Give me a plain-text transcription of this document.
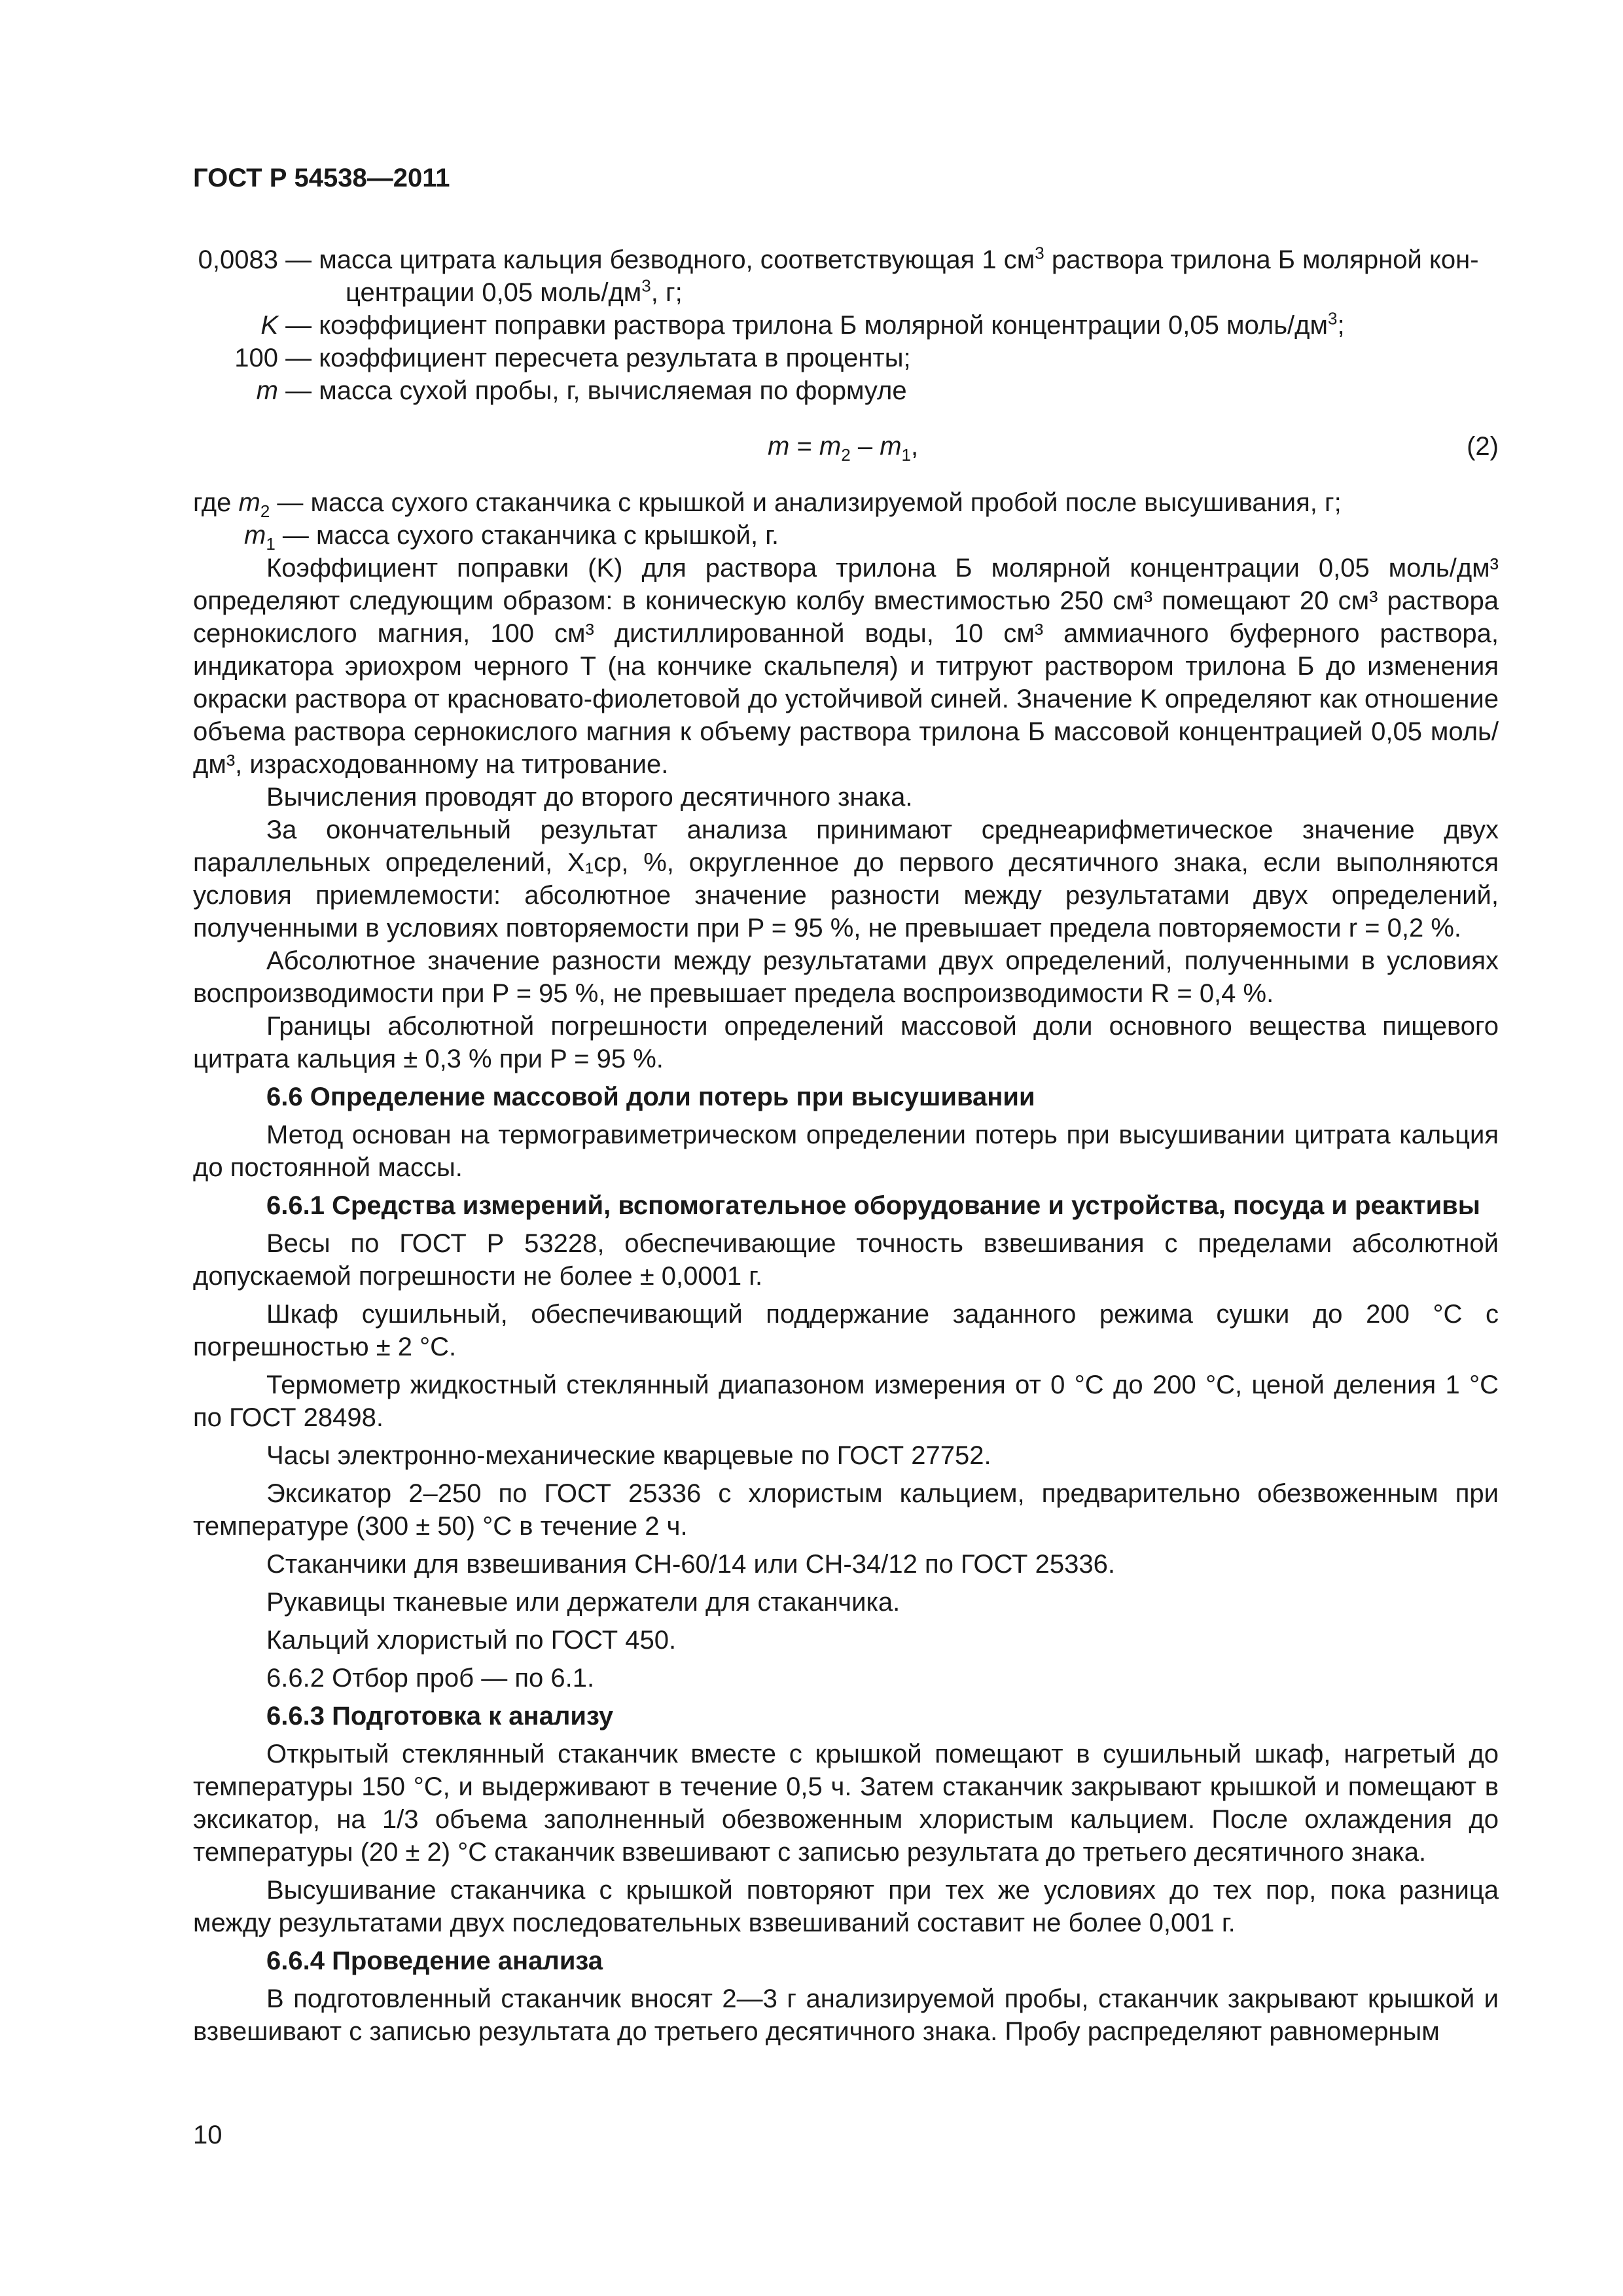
ГОСТ Р 54538—2011
0,0083 — масса цитрата кальция безводного, соответствующая 1 $см^3$ раствора трилона Б молярной кон-
центрации 0,05 моль/$дм^3$, г;
K — коэффициент поправки раствора трилона Б молярной концентрации 0,05 моль/$дм^3$;
100 — коэффициент пересчета результата в проценты;
m — масса сухой пробы, г, вычисляемая по формуле
$m = m_2 - m_1$,	(2)
где $m_2$ — масса сухого стаканчика с крышкой и анализируемой пробой после высушивания, г;
$m_1$ — масса сухого стаканчика с крышкой, г.

Коэффициент поправки (K) для раствора трилона Б молярной концентрации 0,05 моль/дм³ определяют следующим образом: в коническую колбу вместимостью 250 см³ помещают 20 см³ раствора сернокислого магния, 100 см³ дистиллированной воды, 10 см³ аммиачного буферного раствора, индикатора эриохром черного Т (на кончике скальпеля) и титруют раствором трилона Б до изменения окраски раствора от красновато-фиолетовой до устойчивой синей. Значение K определяют как отношение объема раствора сернокислого магния к объему раствора трилона Б массовой концентрацией 0,05 моль/дм³, израсходованному на титрование.

Вычисления проводят до второго десятичного знака.

За окончательный результат анализа принимают среднеарифметическое значение двух параллельных определений, X₁ср, %, округленное до первого десятичного знака, если выполняются условия приемлемости: абсолютное значение разности между результатами двух определений, полученными в условиях повторяемости при P = 95 %, не превышает предела повторяемости r = 0,2 %.

Абсолютное значение разности между результатами двух определений, полученными в условиях воспроизводимости при P = 95 %, не превышает предела воспроизводимости R = 0,4 %.

Границы абсолютной погрешности определений массовой доли основного вещества пищевого цитрата кальция ± 0,3 % при P = 95 %.

6.6 Определение массовой доли потерь при высушивании

Метод основан на термогравиметрическом определении потерь при высушивании цитрата кальция до постоянной массы.

6.6.1 Средства измерений, вспомогательное оборудование и устройства, посуда и реактивы

Весы по ГОСТ Р 53228, обеспечивающие точность взвешивания с пределами абсолютной допускаемой погрешности не более ± 0,0001 г.

Шкаф сушильный, обеспечивающий поддержание заданного режима сушки до 200 °С с погрешностью ± 2 °С.

Термометр жидкостный стеклянный диапазоном измерения от 0 °С до 200 °С, ценой деления 1 °С по ГОСТ 28498.

Часы электронно-механические кварцевые по ГОСТ 27752.

Эксикатор 2–250 по ГОСТ 25336 с хлористым кальцием, предварительно обезвоженным при температуре (300 ± 50) °С в течение 2 ч.

Стаканчики для взвешивания СН-60/14 или СН-34/12 по ГОСТ 25336.

Рукавицы тканевые или держатели для стаканчика.

Кальций хлористый по ГОСТ 450.

6.6.2 Отбор проб — по 6.1.

6.6.3 Подготовка к анализу

Открытый стеклянный стаканчик вместе с крышкой помещают в сушильный шкаф, нагретый до температуры 150 °С, и выдерживают в течение 0,5 ч. Затем стаканчик закрывают крышкой и помещают в эксикатор, на 1/3 объема заполненный обезвоженным хлористым кальцием. После охлаждения до температуры (20 ± 2) °С стаканчик взвешивают с записью результата до третьего десятичного знака.

Высушивание стаканчика с крышкой повторяют при тех же условиях до тех пор, пока разница между результатами двух последовательных взвешиваний составит не более 0,001 г.

6.6.4 Проведение анализа

В подготовленный стаканчик вносят 2—3 г анализируемой пробы, стаканчик закрывают крышкой и взвешивают с записью результата до третьего десятичного знака. Пробу распределяют равномерным

10
